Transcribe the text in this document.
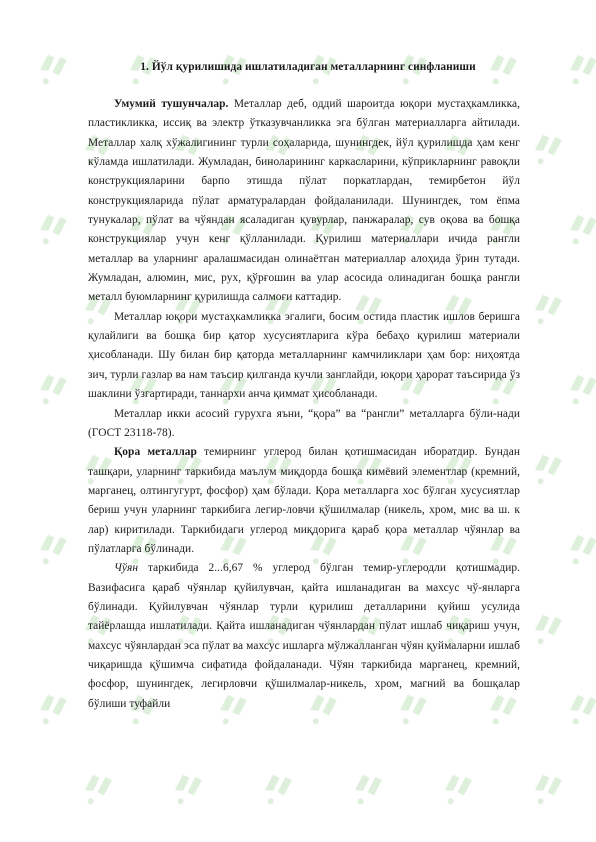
1. Йўл қурилишида ишлатиладиган металларнинг синфланиши

Умумий тушунчалар. Металлар деб, оддий шароитда юқори мустаҳкамликка, пластикликка, иссиқ ва электр ўтказувчанликка эга бўлган материалларга айтилади. Металлар халқ хўжалигининг турли соҳаларида, шунингдек, йўл қурилишда ҳам кенг кўламда ишлатилади. Жумладан, биноларининг каркасларини, кўприкларнинг равоқли конструкцияларини барпо этишда пўлат поркатлардан, темирбетон йўл конструкцияларида пўлат арматуралардан фойдаланилади. Шунингдек, том ёпма тунукалар, пўлат ва чўяндан ясаладиган қувурлар, панжаралар, сув оқова ва бошқа конструкциялар учун кенг қўлланилади. Қурилиш материаллари ичида рангли металлар ва уларнинг аралашмасидан олинаётган материаллар алоҳида ўрин тутади. Жумладан, алюмин, мис, рух, қўрғошин ва улар асосида олинадиган бошқа рангли металл буюмларнинг қурилишда салмоғи каттадир.

Металлар юқори мустаҳкамликка эгалиги, босим остида пластик ишлов беришга қулайлиги ва бошқа бир қатор хусусиятларига кўра бебаҳо қурилиш материали ҳисобланади. Шу билан бир қаторда металларнинг камчиликлари ҳам бор: ниҳоятда зич, турли газлар ва нам таъсир қилганда кучли занглайди, юқори ҳарорат таъсирида ўз шаклини ўзгартиради, таннархи анча қиммат ҳисобланади.

Металлар икки асосий гурухга яъни, “қора” ва “рангли” металларга бўли-нади (ГОСТ 23118-78).

Қора металлар темирнинг углерод билан қотишмасидан иборатдир. Бундан ташқари, уларнинг таркибида маълум миқдорда бошқа кимёвий элементлар (кремний, марганец, олтингугурт, фосфор) ҳам бўлади. Қора металларга хос бўлган хусусиятлар бериш учун уларнинг таркибига легир-ловчи қўшилмалар (никель, хром, мис ва ш. к лар) киритилади. Таркибидаги углерод миқдорига қараб қора металлар чўянлар ва пўлатларга бўлинади.

Чўян таркибида 2...6,67 % углерод бўлган темир-углеродли қотишмадир. Вазифасига қараб чўянлар қуйилувчан, қайта ишланадиган ва махсус чў-янларга бўлинади. Қуйилувчан чўянлар турли қурилиш деталларини қуйиш усулида тайёрлашда ишлатилади. Қайта ишланадиган чўянлардан пўлат ишлаб чиқариш учун, махсус чўянлардан эса пўлат ва махсус ишларга мўлжалланган чўян қуймаларни ишлаб чиқаришда қўшимча сифатида фойдаланади. Чўян таркибида марганец, кремний, фосфор, шунингдек, легирловчи қўшилмалар-никель, хром, магний ва бошқалар бўлиши туфайли
